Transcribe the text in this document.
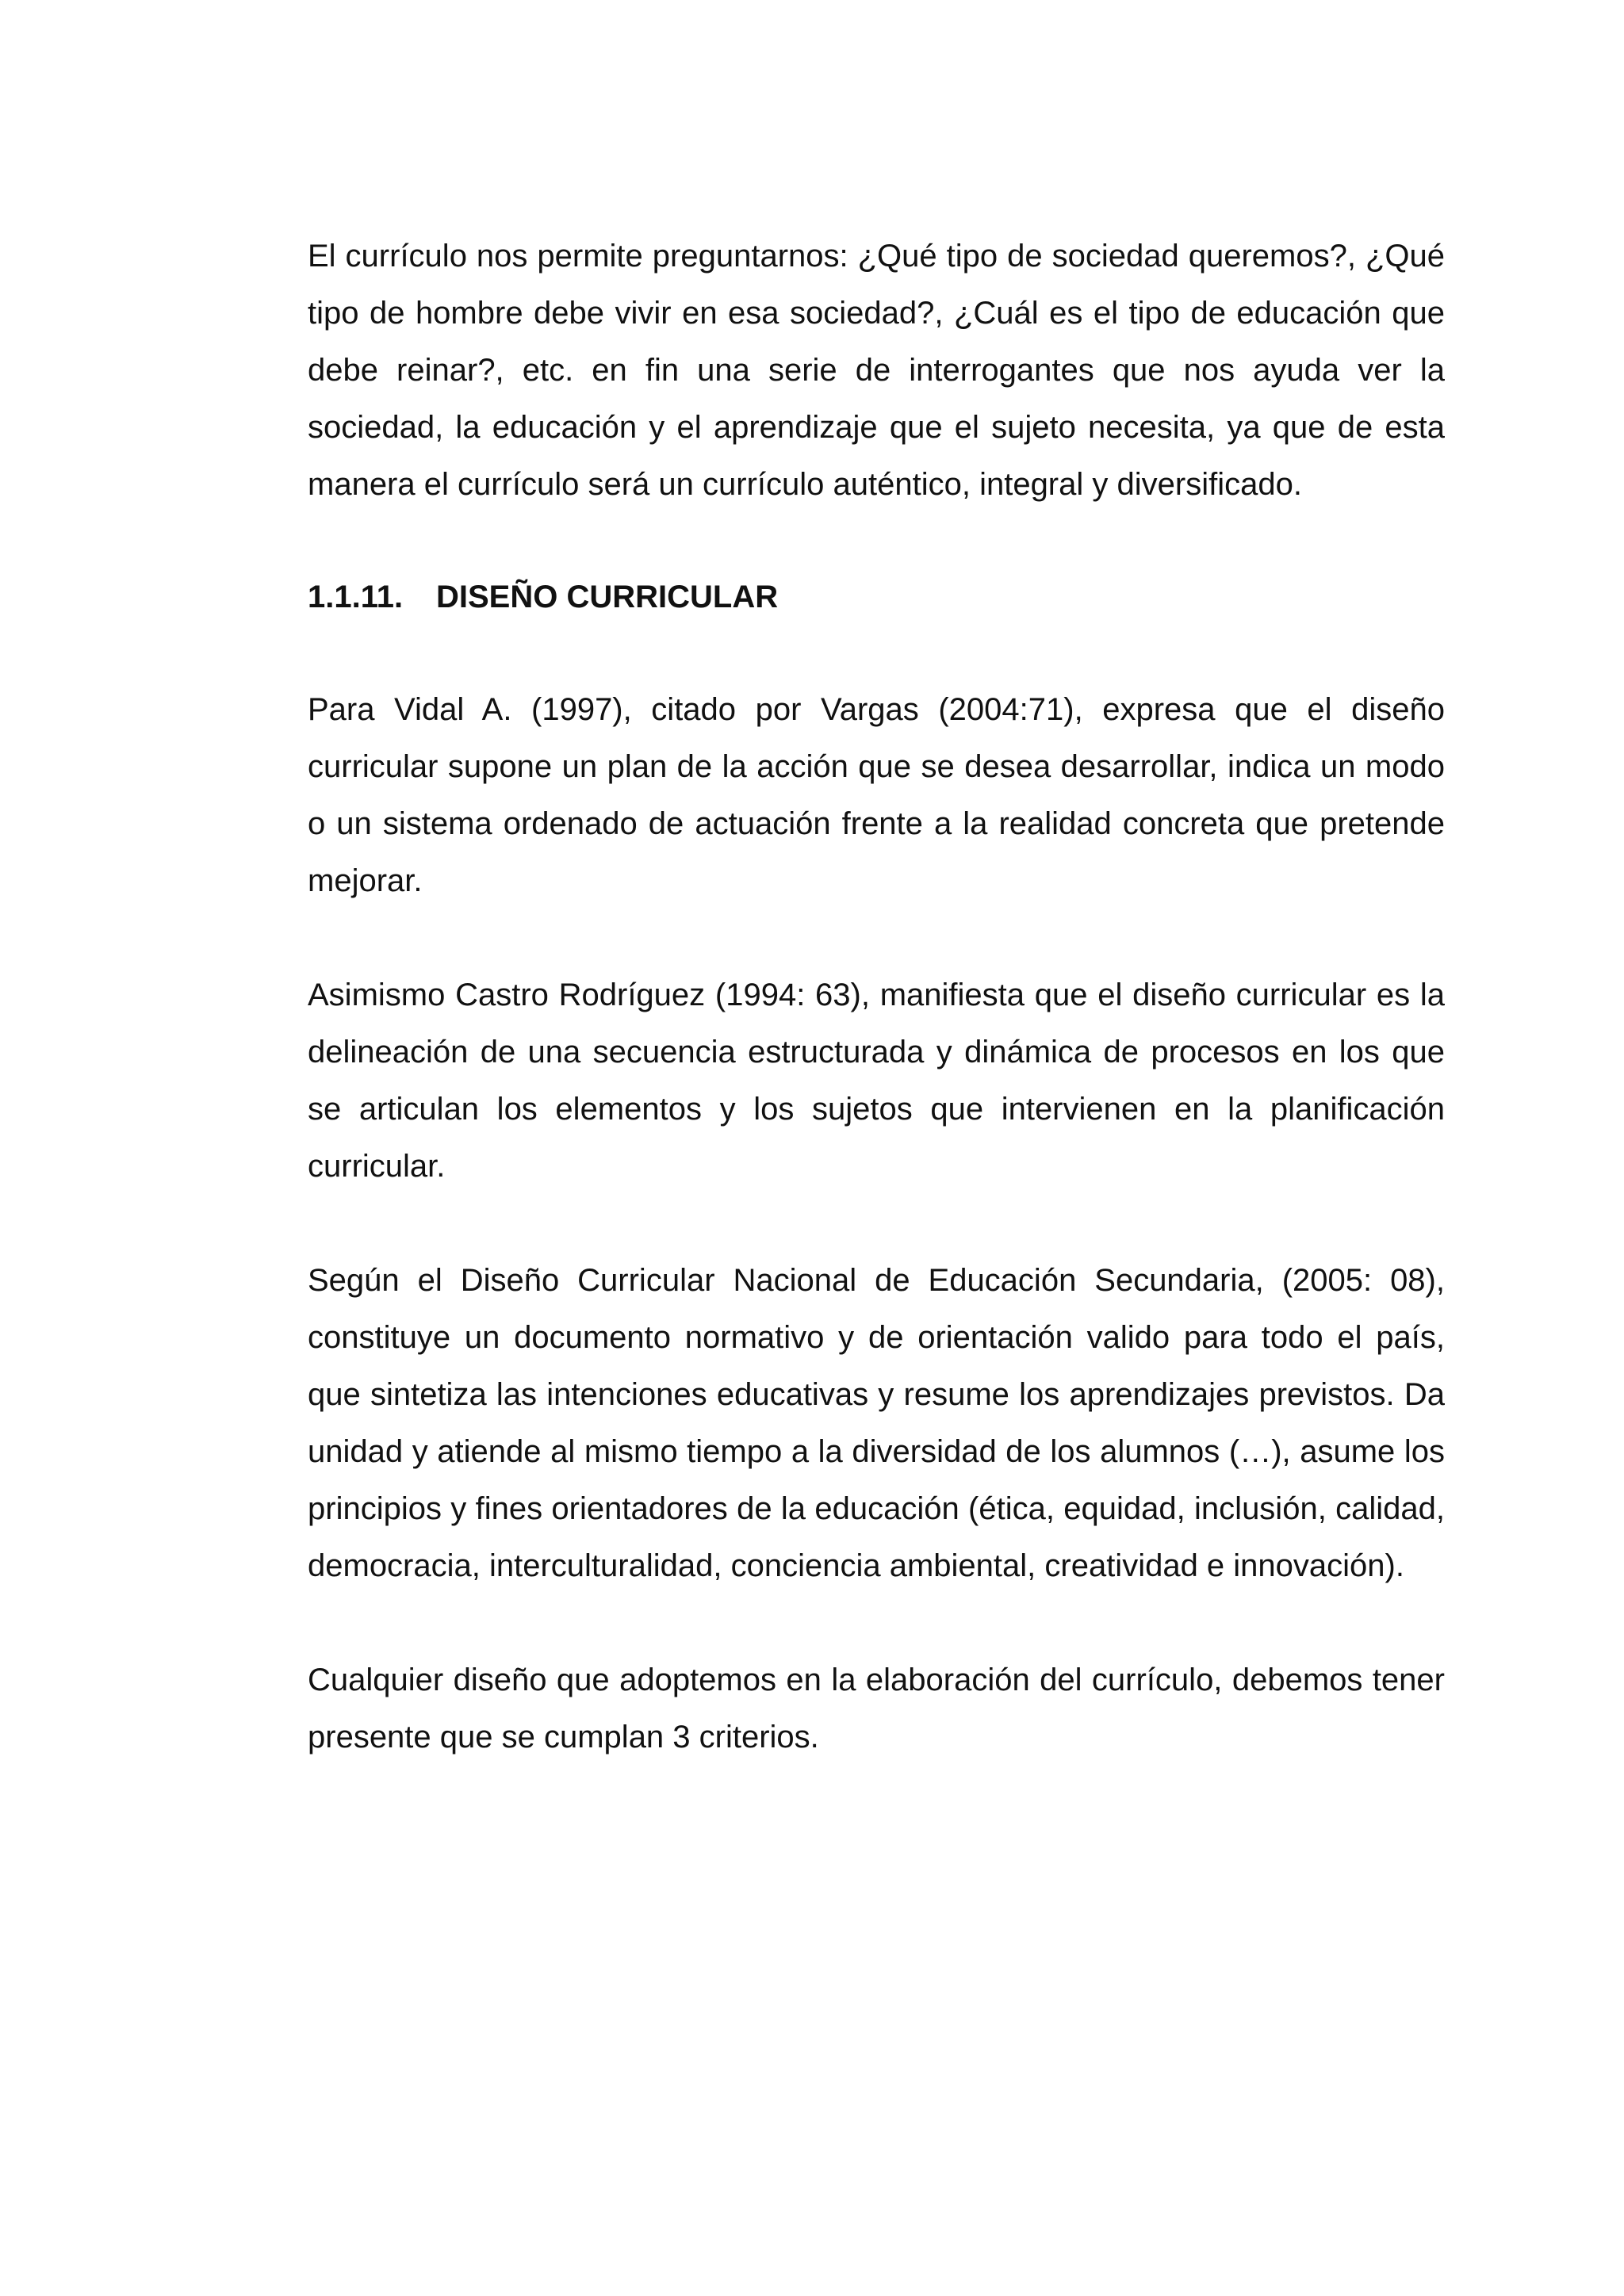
El currículo nos permite preguntarnos: ¿Qué tipo de sociedad queremos?, ¿Qué tipo de hombre debe vivir en esa sociedad?, ¿Cuál es el tipo de educación que debe reinar?, etc. en fin una serie de interrogantes que nos ayuda ver la sociedad, la educación y el aprendizaje que el sujeto necesita, ya que de esta manera el currículo será un currículo auténtico, integral y diversificado.

1.1.11. DISEÑO CURRICULAR

Para Vidal A. (1997), citado por Vargas (2004:71), expresa que el diseño curricular supone un plan de la acción que se desea desarrollar, indica un modo o un sistema ordenado de actuación frente a la realidad concreta que pretende mejorar.

Asimismo Castro Rodríguez (1994: 63), manifiesta que el diseño curricular es la delineación de una secuencia estructurada y dinámica de procesos en los que se articulan los elementos y los sujetos que intervienen en la planificación curricular.

Según el Diseño Curricular Nacional de Educación Secundaria, (2005: 08), constituye un documento normativo y de orientación valido para todo el país, que sintetiza las intenciones educativas y resume los aprendizajes previstos. Da unidad y atiende al mismo tiempo a la diversidad de los alumnos (…), asume los principios y fines orientadores de la educación (ética, equidad, inclusión, calidad, democracia, interculturalidad, conciencia ambiental, creatividad e innovación).

Cualquier diseño que adoptemos en la elaboración del currículo, debemos tener presente que se cumplan 3 criterios.
